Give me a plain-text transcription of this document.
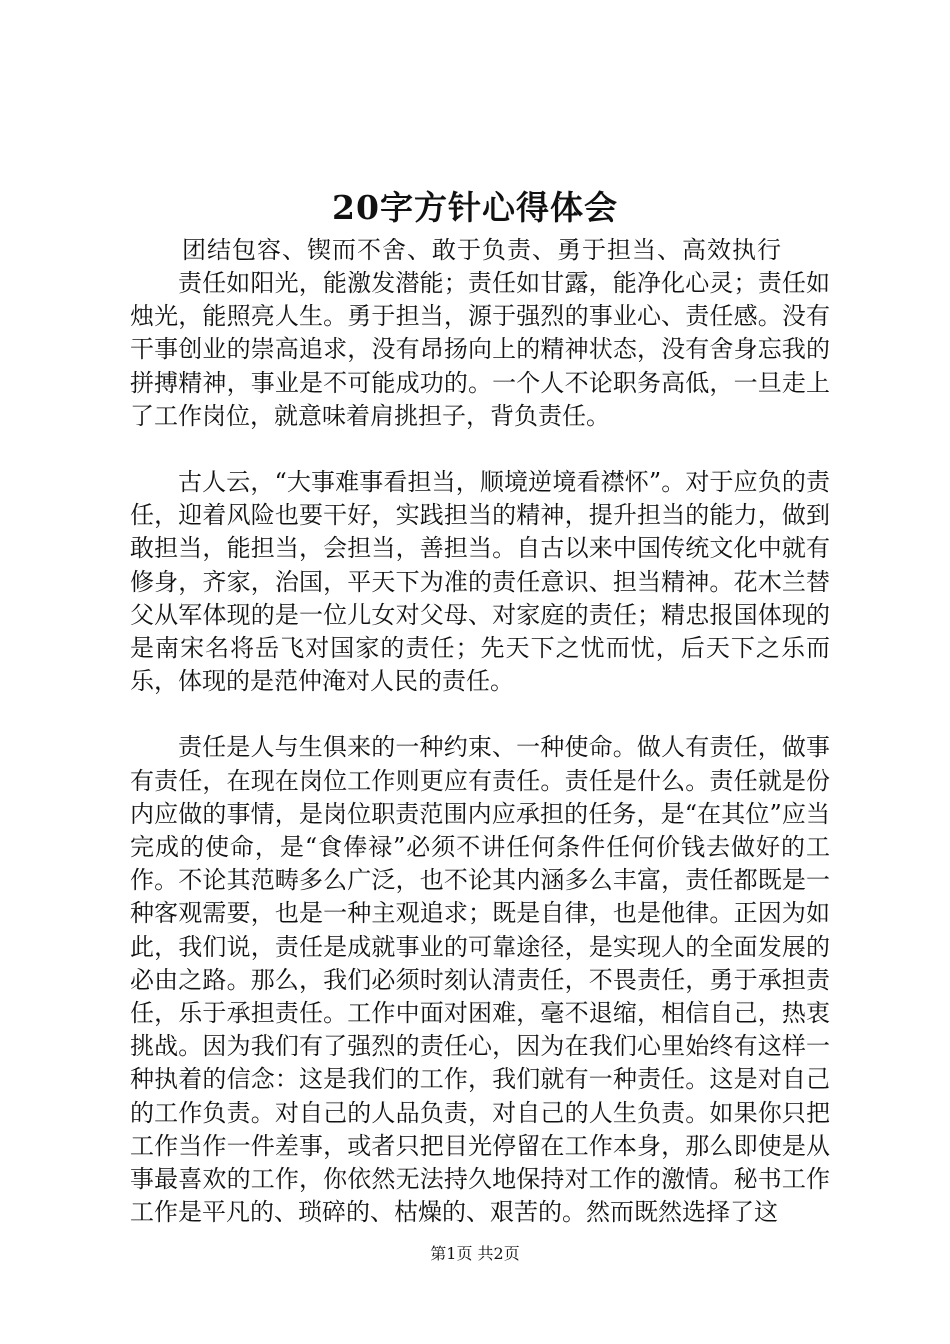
20字方针心得体会
团结包容、锲而不舍、敢于负责、勇于担当、高效执行

责任如阳光，能激发潜能；责任如甘露，能净化心灵；责任如烛光，能照亮人生。勇于担当，源于强烈的事业心、责任感。没有干事创业的崇高追求，没有昂扬向上的精神状态，没有舍身忘我的拼搏精神，事业是不可能成功的。一个人不论职务高低，一旦走上了工作岗位，就意味着肩挑担子，背负责任。

古人云，“大事难事看担当，顺境逆境看襟怀”。对于应负的责任，迎着风险也要干好，实践担当的精神，提升担当的能力，做到敢担当，能担当，会担当，善担当。自古以来中国传统文化中就有修身，齐家，治国，平天下为准的责任意识、担当精神。花木兰替父从军体现的是一位儿女对父母、对家庭的责任；精忠报国体现的是南宋名将岳飞对国家的责任；先天下之忧而忧，后天下之乐而乐，体现的是范仲淹对人民的责任。

责任是人与生俱来的一种约束、一种使命。做人有责任，做事有责任，在现在岗位工作则更应有责任。责任是什么。责任就是份内应做的事情，是岗位职责范围内应承担的任务，是“在其位”应当完成的使命，是“食俸禄”必须不讲任何条件任何价钱去做好的工作。不论其范畴多么广泛，也不论其内涵多么丰富，责任都既是一种客观需要，也是一种主观追求；既是自律，也是他律。正因为如此，我们说，责任是成就事业的可靠途径，是实现人的全面发展的必由之路。那么，我们必须时刻认清责任，不畏责任，勇于承担责任，乐于承担责任。工作中面对困难，毫不退缩，相信自己，热衷挑战。因为我们有了强烈的责任心，因为在我们心里始终有这样一种执着的信念：这是我们的工作，我们就有一种责任。这是对自己的工作负责。对自己的人品负责，对自己的人生负责。如果你只把工作当作一件差事，或者只把目光停留在工作本身，那么即使是从事最喜欢的工作，你依然无法持久地保持对工作的激情。秘书工作工作是平凡的、琐碎的、枯燥的、艰苦的。然而既然选择了这

第1页 共2页
